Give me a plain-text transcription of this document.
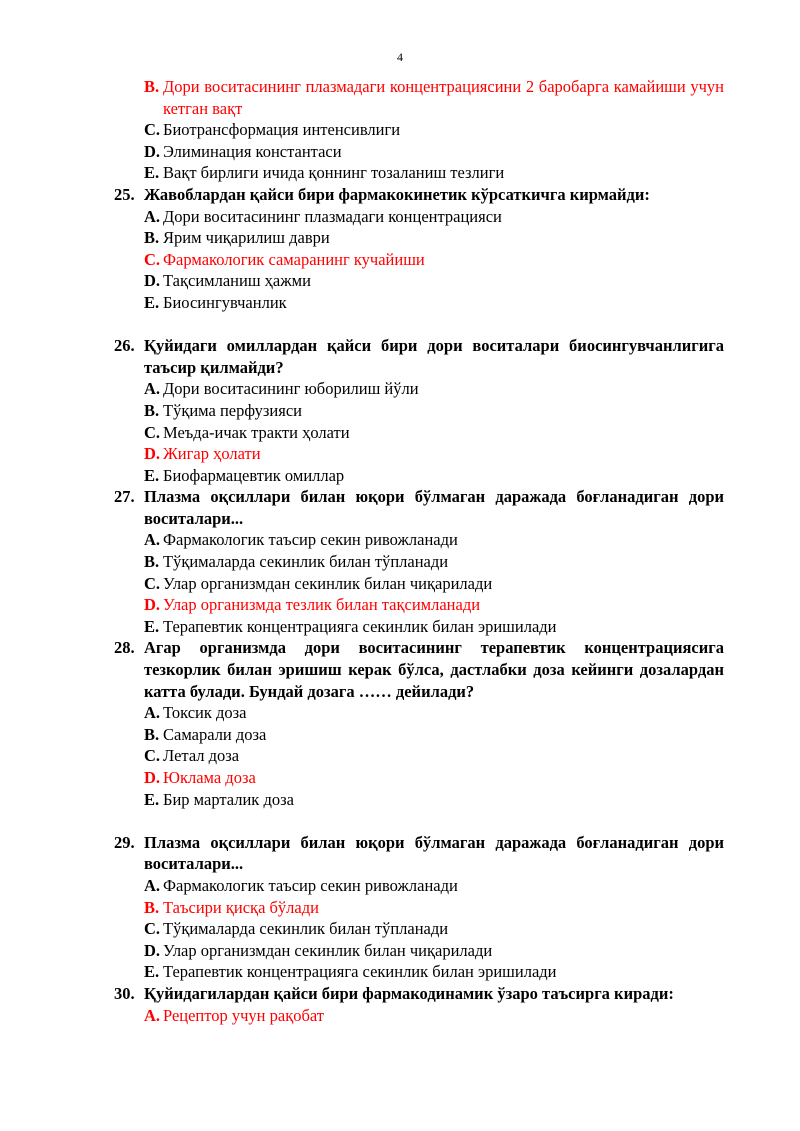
4
B. Дори воситасининг плазмадаги концентрациясини 2 баробарга камайиши учун кетган вақт
C. Биотрансформация интенсивлиги
D. Элиминация константаси
E. Вақт бирлиги ичида қоннинг тозаланиш тезлиги
25. Жавоблардан қайси бири фармакокинетик кўрсаткичга кирмайди:
A. Дори воситасининг плазмадаги концентрацияси
B. Ярим чиқарилиш даври
C. Фармакологик самаранинг кучайиши
D. Тақсимланиш ҳажми
E. Биосингувчанлик
26. Қуйидаги омиллардан қайси бири дори воситалари биосингувчанлигига таъсир қилмайди?
A. Дори воситасининг юборилиш йўли
B. Тўқима перфузияси
C. Меъда-ичак тракти ҳолати
D. Жигар ҳолати
E. Биофармацевтик омиллар
27. Плазма оқсиллари билан юқори бўлмаган даражада боғланадиган дори воситалари...
A. Фармакологик таъсир секин ривожланади
B. Тўқималарда секинлик билан тўпланади
C. Улар организмдан секинлик билан чиқарилади
D. Улар организмда тезлик билан тақсимланади
E. Терапевтик концентрацияга секинлик билан эришилади
28. Агар организмда дори воситасининг терапевтик концентрациясига тезкорлик билан эришиш керак бўлса, дастлабки доза кейинги дозалардан катта булади. Бундай дозага …… дейилади?
A. Токсик доза
B. Самарали доза
C. Летал доза
D. Юклама доза
E. Бир марталик доза
29. Плазма оқсиллари билан юқори бўлмаган даражада боғланадиган дори воситалари...
A. Фармакологик таъсир секин ривожланади
B. Таъсири қисқа бўлади
C. Тўқималарда секинлик билан тўпланади
D. Улар организмдан секинлик билан чиқарилади
E. Терапевтик концентрацияга секинлик билан эришилади
30. Қуйидагилардан қайси бири фармакодинамик ўзаро таъсирга киради:
A. Рецептор учун рақобат
